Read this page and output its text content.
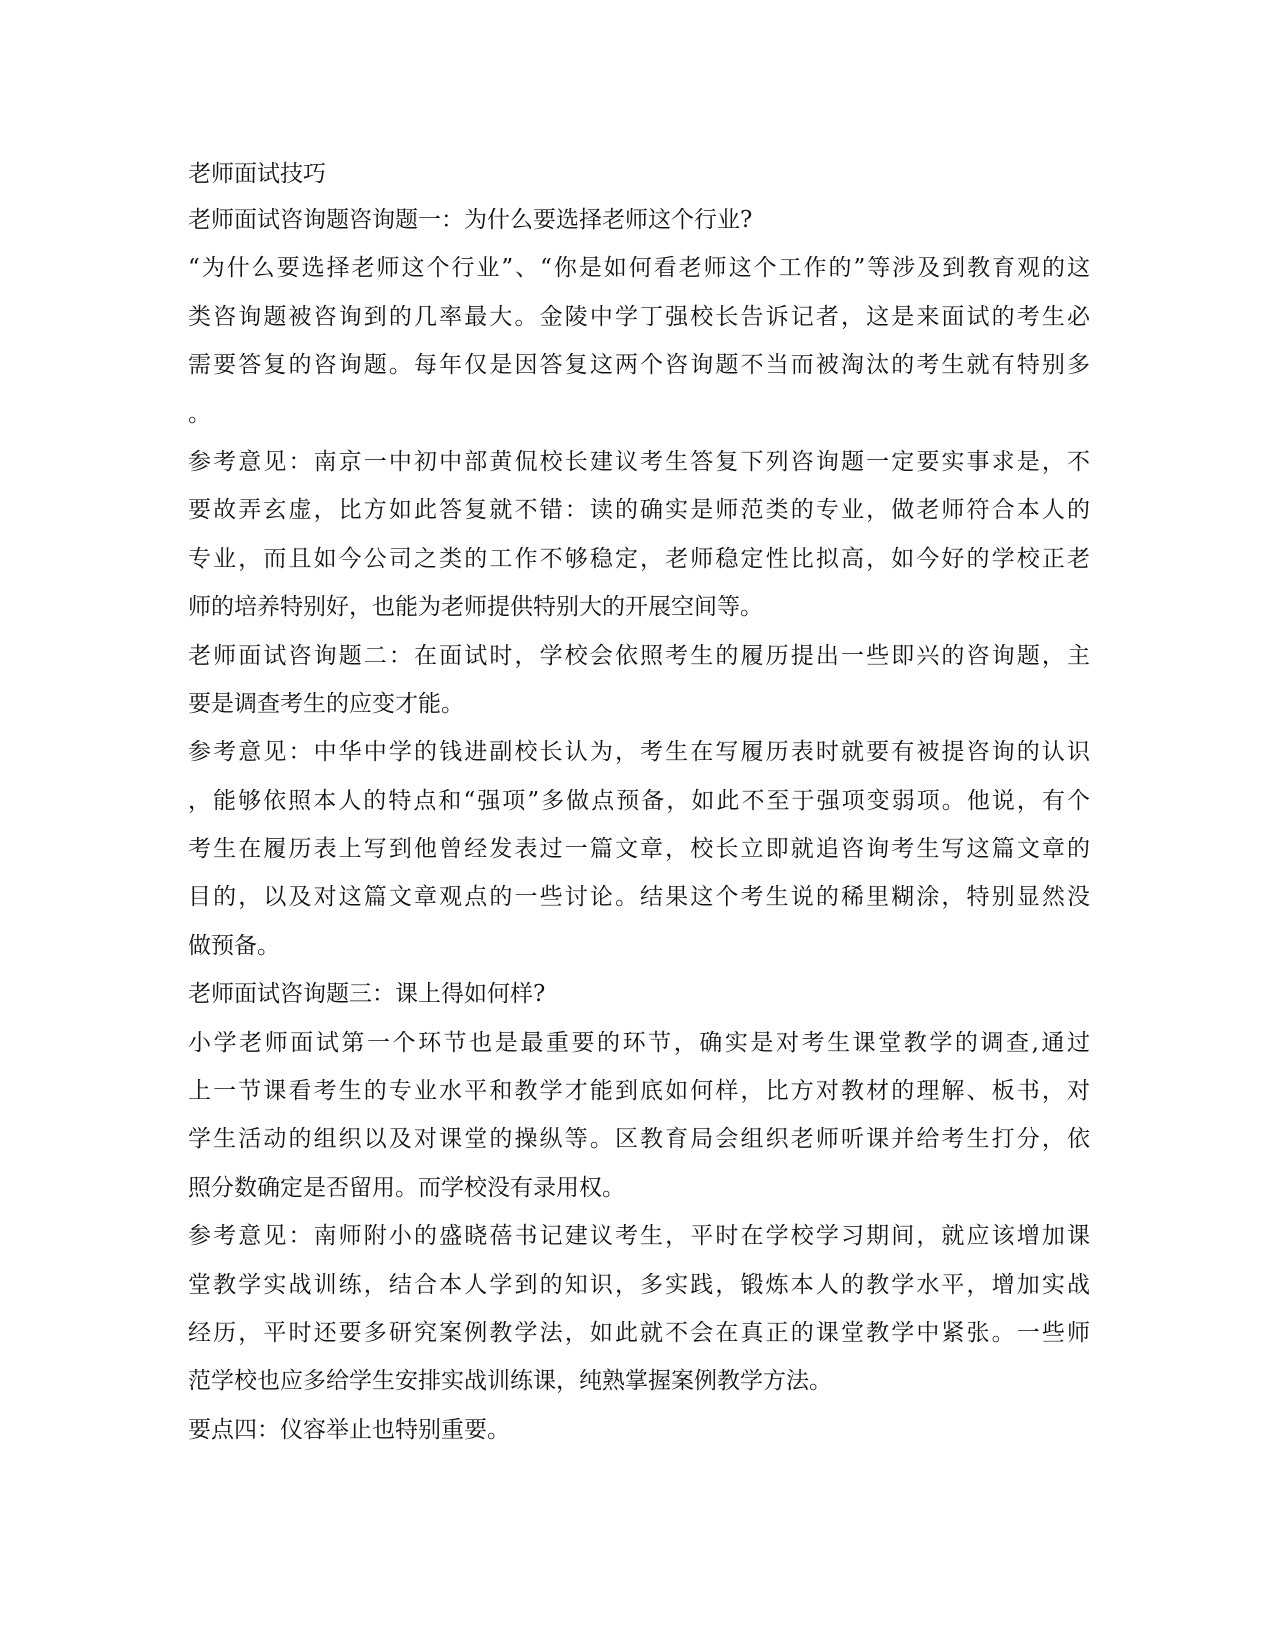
老师面试技巧
老师面试咨询题咨询题一：为什么要选择老师这个行业?
“为什么要选择老师这个行业”、“你是如何看老师这个工作的”等涉及到教育观的这
类咨询题被咨询到的几率最大。金陵中学丁强校长告诉记者，这是来面试的考生必
需要答复的咨询题。每年仅是因答复这两个咨询题不当而被淘汰的考生就有特别多
。
参考意见：南京一中初中部黄侃校长建议考生答复下列咨询题一定要实事求是，不
要故弄玄虚，比方如此答复就不错：读的确实是师范类的专业，做老师符合本人的
专业，而且如今公司之类的工作不够稳定，老师稳定性比拟高，如今好的学校正老
师的培养特别好，也能为老师提供特别大的开展空间等。
老师面试咨询题二：在面试时，学校会依照考生的履历提出一些即兴的咨询题，主
要是调查考生的应变才能。
参考意见：中华中学的钱进副校长认为，考生在写履历表时就要有被提咨询的认识
，能够依照本人的特点和“强项”多做点预备，如此不至于强项变弱项。他说，有个
考生在履历表上写到他曾经发表过一篇文章，校长立即就追咨询考生写这篇文章的
目的，以及对这篇文章观点的一些讨论。结果这个考生说的稀里糊涂，特别显然没
做预备。
老师面试咨询题三：课上得如何样?
小学老师面试第一个环节也是最重要的环节，确实是对考生课堂教学的调查,通过
上一节课看考生的专业水平和教学才能到底如何样，比方对教材的理解、板书，对
学生活动的组织以及对课堂的操纵等。区教育局会组织老师听课并给考生打分，依
照分数确定是否留用。而学校没有录用权。
参考意见：南师附小的盛晓蓓书记建议考生，平时在学校学习期间，就应该增加课
堂教学实战训练，结合本人学到的知识，多实践，锻炼本人的教学水平，增加实战
经历，平时还要多研究案例教学法，如此就不会在真正的课堂教学中紧张。一些师
范学校也应多给学生安排实战训练课，纯熟掌握案例教学方法。
要点四：仪容举止也特别重要。
